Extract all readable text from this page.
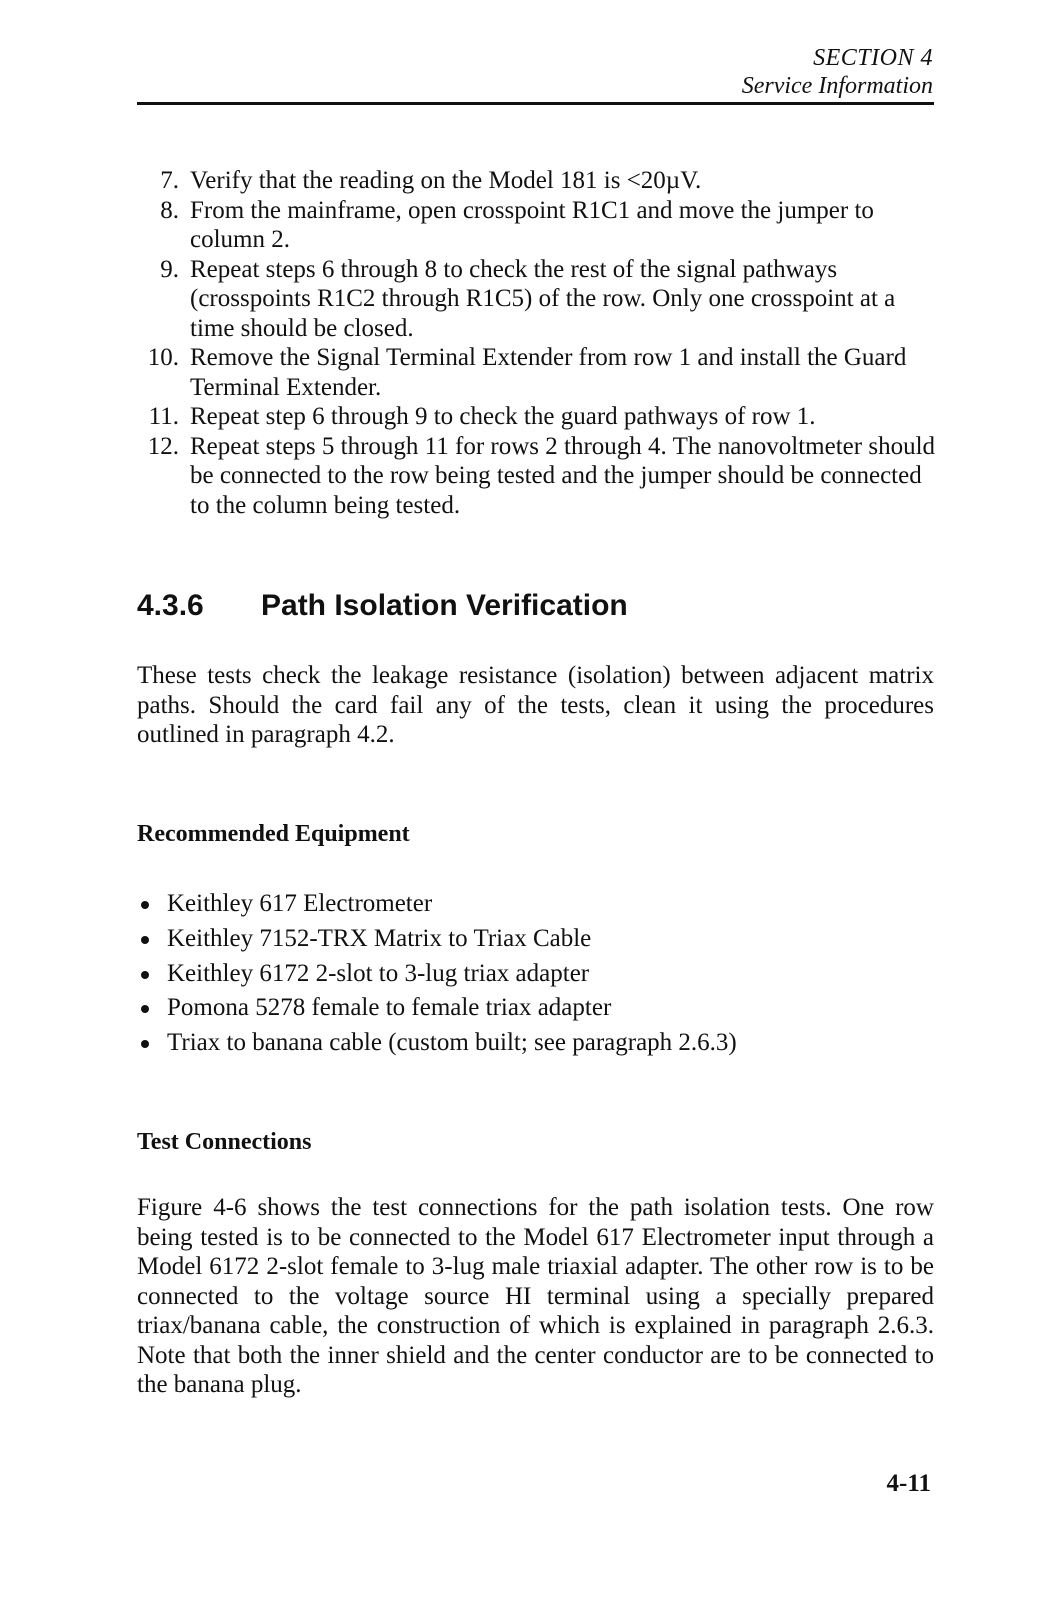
SECTION 4
Service Information
7. Verify that the reading on the Model 181 is <20µV.
8. From the mainframe, open crosspoint R1C1 and move the jumper to column 2.
9. Repeat steps 6 through 8 to check the rest of the signal pathways (crosspoints R1C2 through R1C5) of the row. Only one crosspoint at a time should be closed.
10. Remove the Signal Terminal Extender from row 1 and install the Guard Terminal Extender.
11. Repeat step 6 through 9 to check the guard pathways of row 1.
12. Repeat steps 5 through 11 for rows 2 through 4. The nanovoltmeter should be connected to the row being tested and the jumper should be connected to the column being tested.
4.3.6 Path Isolation Verification

These tests check the leakage resistance (isolation) between adjacent matrix paths. Should the card fail any of the tests, clean it using the procedures outlined in paragraph 4.2.

Recommended Equipment
Keithley 617 Electrometer
Keithley 7152-TRX Matrix to Triax Cable
Keithley 6172 2-slot to 3-lug triax adapter
Pomona 5278 female to female triax adapter
Triax to banana cable (custom built; see paragraph 2.6.3)
Test Connections

Figure 4-6 shows the test connections for the path isolation tests. One row being tested is to be connected to the Model 617 Electrometer input through a Model 6172 2-slot female to 3-lug male triaxial adapter. The other row is to be connected to the voltage source HI terminal using a specially prepared triax/banana cable, the construction of which is explained in paragraph 2.6.3. Note that both the inner shield and the center conductor are to be connected to the banana plug.

4-11
